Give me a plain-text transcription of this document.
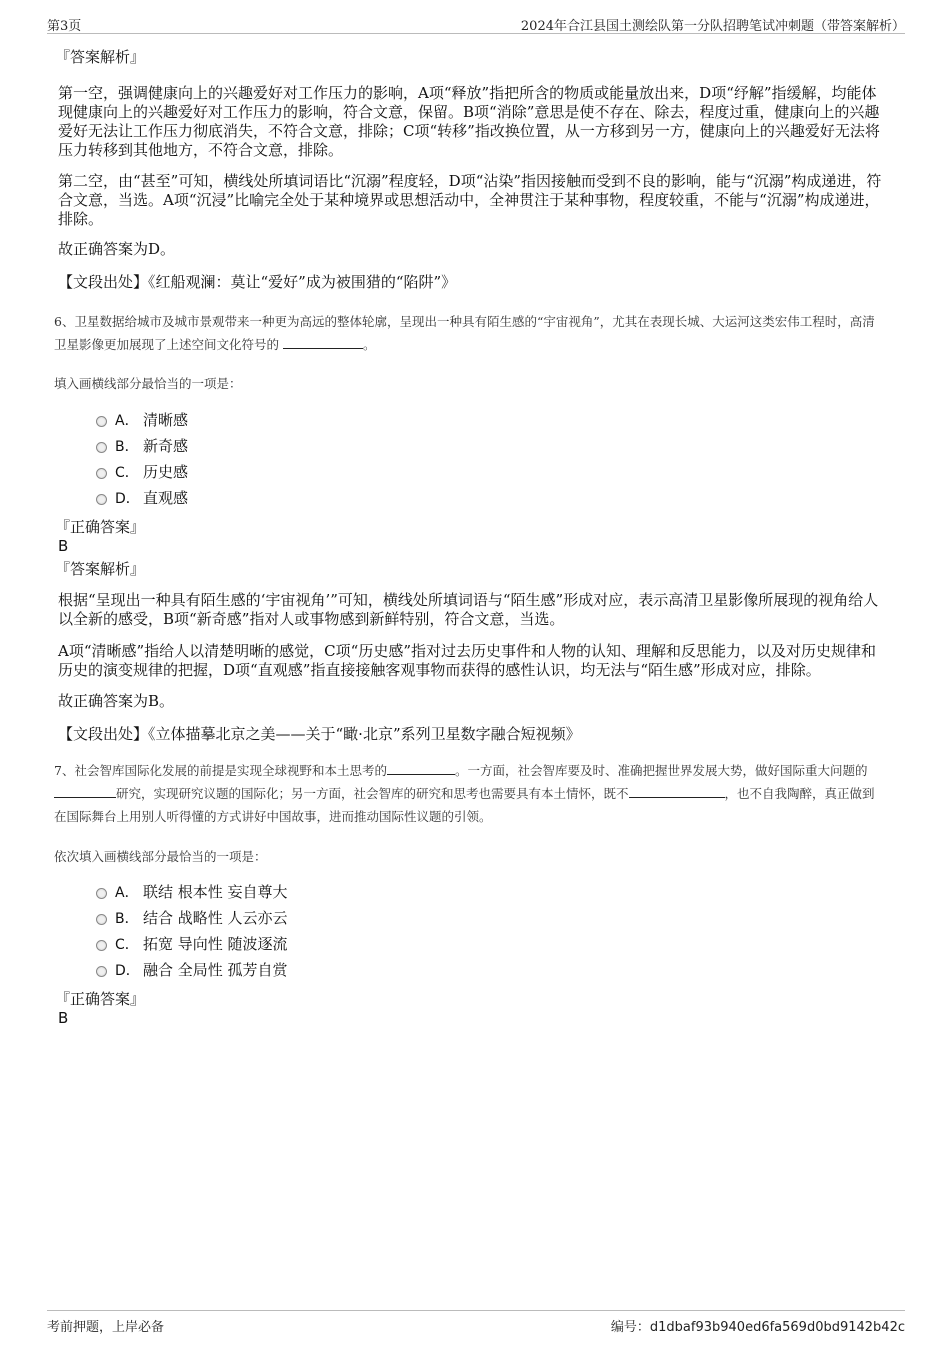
第3页	2024年合江县国土测绘队第一分队招聘笔试冲刺题（带答案解析）
『答案解析』

第一空，强调健康向上的兴趣爱好对工作压力的影响，A项“释放”指把所含的物质或能量放出来，D项“纾解”指缓解，均能体现健康向上的兴趣爱好对工作压力的影响，符合文意，保留。B项“消除”意思是使不存在、除去，程度过重，健康向上的兴趣爱好无法让工作压力彻底消失，不符合文意，排除；C项“转移”指改换位置，从一方移到另一方，健康向上的兴趣爱好无法将压力转移到其他地方，不符合文意，排除。

第二空，由“甚至”可知，横线处所填词语比“沉溺”程度轻，D项“沾染”指因接触而受到不良的影响，能与“沉溺”构成递进，符合文意，当选。A项“沉浸”比喻完全处于某种境界或思想活动中，全神贯注于某种事物，程度较重，不能与“沉溺”构成递进，排除。

故正确答案为D。

【文段出处】《红船观澜：莫让“爱好”成为被围猎的“陷阱”》

6、卫星数据给城市及城市景观带来一种更为高远的整体轮廓，呈现出一种具有陌生感的“宇宙视角”，尤其在表现长城、大运河这类宏伟工程时，高清卫星影像更加展现了上述空间文化符号的	。

填入画横线部分最恰当的一项是：

A． 清晰感
B． 新奇感
C． 历史感
D． 直观感
『正确答案』
B
『答案解析』

根据“呈现出一种具有陌生感的‘宇宙视角’”可知，横线处所填词语与“陌生感”形成对应，表示高清卫星影像所展现的视角给人以全新的感受，B项“新奇感”指对人或事物感到新鲜特别，符合文意，当选。

A项“清晰感”指给人以清楚明晰的感觉，C项“历史感”指对过去历史事件和人物的认知、理解和反思能力，以及对历史规律和历史的演变规律的把握，D项“直观感”指直接接触客观事物而获得的感性认识，均无法与“陌生感”形成对应，排除。

故正确答案为B。

【文段出处】《立体描摹北京之美——关于“瞰·北京”系列卫星数字融合短视频》

7、社会智库国际化发展的前提是实现全球视野和本土思考的	。一方面，社会智库要及时、准确把握世界发展大势，做好国际重大问题的研究，实现研究议题的国际化；另一方面，社会智库的研究和思考也需要具有本土情怀，既不	，也不自我陶醉，真正做到在国际舞台上用别人听得懂的方式讲好中国故事，进而推动国际性议题的引领。

依次填入画横线部分最恰当的一项是：

A． 联结 根本性 妄自尊大
B． 结合 战略性 人云亦云
C． 拓宽 导向性 随波逐流
D． 融合 全局性 孤芳自赏
『正确答案』
B
考前押题，上岸必备	编号：d1dbaf93b940ed6fa569d0bd9142b42c
